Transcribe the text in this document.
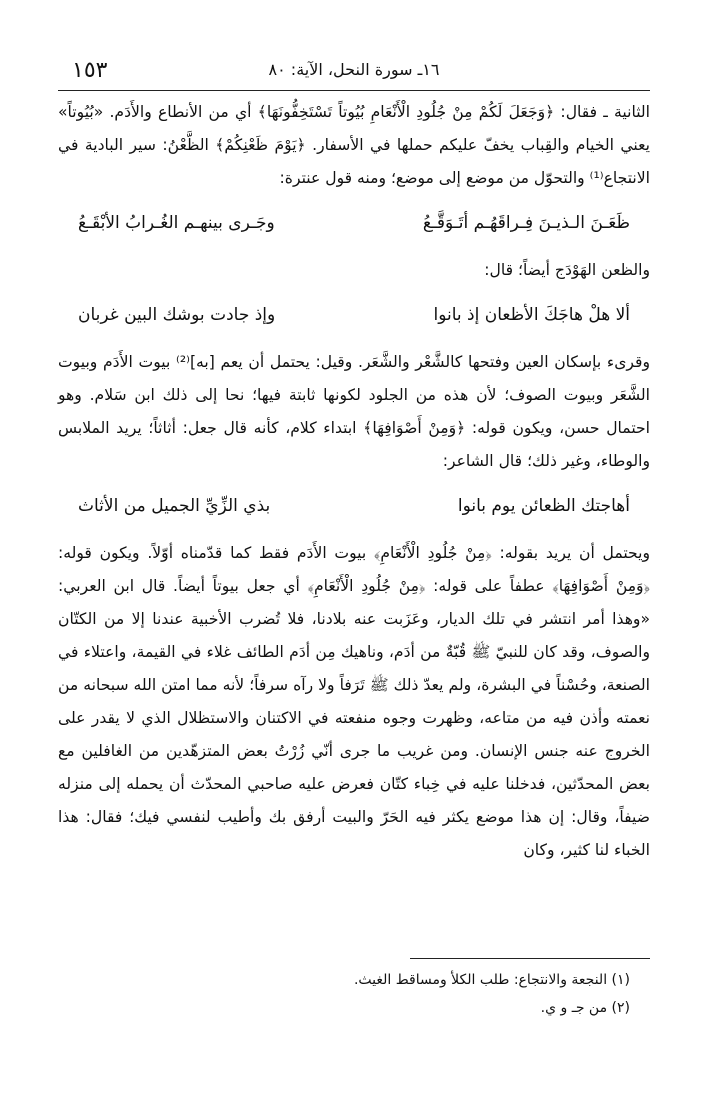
١٥٣	١٦ـ سورة النحل، الآية: ٨٠

الثانية ـ فقال: ﴿وَجَعَلَ لَكُمْ مِنْ جُلُودِ الْأَنْعَامِ بُيُوتاً تَسْتَخِفُّونَهَا﴾ أي من الأنطاع والأَدَم. «بُيُوتاً» يعني الخيام والقِباب يخفّ عليكم حملها في الأسفار. ﴿يَوْمَ ظَعْنِكُمْ﴾ الظَّعْنُ: سير البادية في الانتجاع⁽¹⁾ والتحوّل من موضع إلى موضع؛ ومنه قول عنترة:

ظَعَـنَ الـذيـنَ فِـراقَهُـم أتَـوَقَّـعُ
وجَـرى بينهـم الغُـرابُ الأبْقَـعُ

والظعن الهَوْدَج أيضاً؛ قال:

ألا هلْ هاجَكَ الأظعان إذ بانوا
وإذ جادت بوشك البين غربان

وقرىء بإسكان العين وفتحها كالشَّعْر والشَّعَر. وقيل: يحتمل أن يعم [به]⁽²⁾ بيوت الأَدَم وبيوت الشَّعَر وبيوت الصوف؛ لأن هذه من الجلود لكونها ثابتة فيها؛ نحا إلى ذلك ابن سَلام. وهو احتمال حسن، ويكون قوله: ﴿وَمِنْ أَصْوَافِهَا﴾ ابتداء كلام، كأنه قال جعل: أثاثاً؛ يريد الملابس والوطاء، وغير ذلك؛ قال الشاعر:

أهاجتك الظعائن يوم بانوا
بذي الزِّيِّ الجميل من الأثاث

ويحتمل أن يريد بقوله: ﴿مِنْ جُلُودِ الْأَنْعَامِ﴾ بيوت الأَدَم فقط كما قدّمناه أوّلاً. ويكون قوله: ﴿وَمِنْ أَصْوَافِهَا﴾ عطفاً على قوله: ﴿مِنْ جُلُودِ الْأَنْعَامِ﴾ أي جعل بيوتاً أيضاً. قال ابن العربي: «وهذا أمر انتشر في تلك الديار، وعَزَبت عنه بلادنا، فلا تُضرب الأخبية عندنا إلا من الكتّان والصوف، وقد كان للنبيّ ﷺ قُبّةٌ من أدَم، وناهيك مِن أدَم الطائف غلاء في القيمة، واعتلاء في الصنعة، وحُسْناً في البشرة، ولم يعدّ ذلك ﷺ تَرَفاً ولا رآه سرفاً؛ لأنه مما امتن الله سبحانه من نعمته وأذن فيه من متاعه، وظهرت وجوه منفعته في الاكتنان والاستظلال الذي لا يقدر على الخروج عنه جنس الإنسان. ومن غريب ما جرى أنّي زُرْتُ بعض المتزهّدين من الغافلين مع بعض المحدّثين، فدخلنا عليه في خِباء كتّان فعرض عليه صاحبي المحدّث أن يحمله إلى منزله ضيفاً، وقال: إن هذا موضع يكثر فيه الحَرّ والبيت أرفق بك وأطيب لنفسي فيك؛ فقال: هذا الخباء لنا كثير، وكان

(١) النجعة والانتجاع: طلب الكلأ ومساقط الغيث.
(٢) من جـ و ي.
